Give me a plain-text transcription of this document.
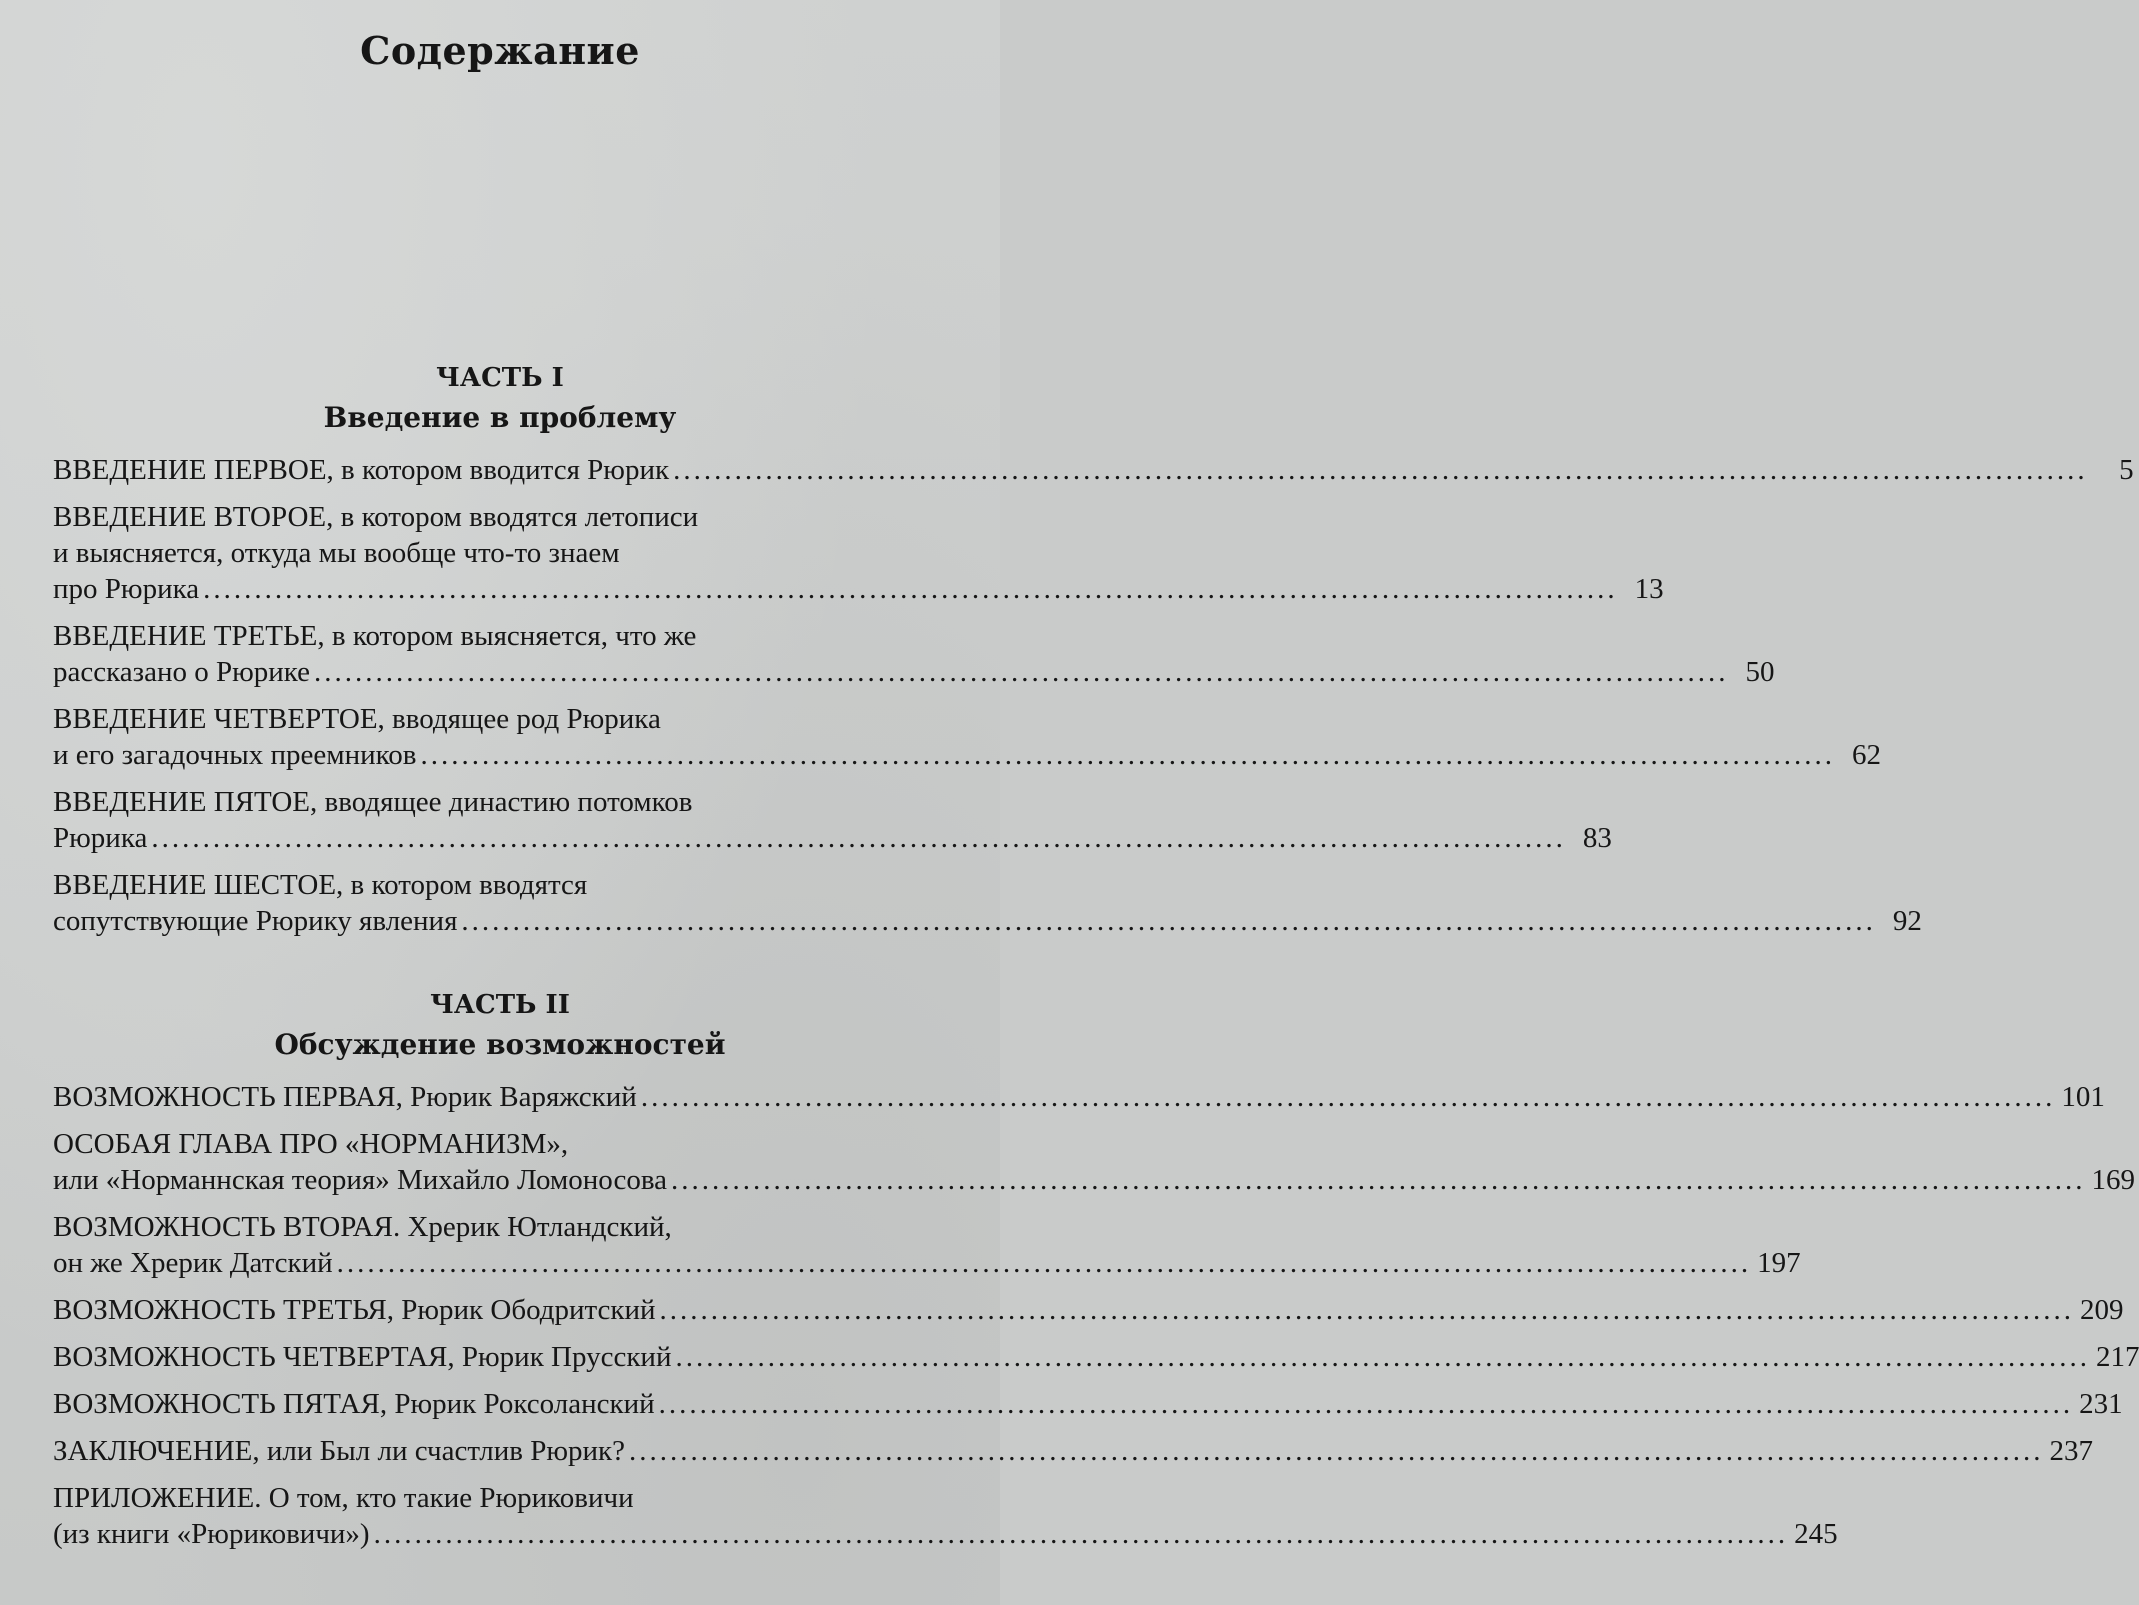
Содержание
ЧАСТЬ I
Введение в проблему
ВВЕДЕНИЕ ПЕРВОЕ, в котором вводится Рюрик ..........................................................................................................................................	5
ВВЕДЕНИЕ ВТОРОЕ, в котором вводятся летописи
и выясняется, откуда мы вообще что-то знаем
про Рюрика .......................................................................................................................................... 13
ВВЕДЕНИЕ ТРЕТЬЕ, в котором выясняется, что же
рассказано о Рюрике .......................................................................................................................................... 50
ВВЕДЕНИЕ ЧЕТВЕРТОЕ, вводящее род Рюрика
и его загадочных преемников .......................................................................................................................................... 62
ВВЕДЕНИЕ ПЯТОЕ, вводящее династию потомков
Рюрика .......................................................................................................................................... 83
ВВЕДЕНИЕ ШЕСТОЕ, в котором вводятся
сопутствующие Рюрику явления .......................................................................................................................................... 92
ЧАСТЬ II
Обсуждение возможностей
ВОЗМОЖНОСТЬ ПЕРВАЯ, Рюрик Варяжский .......................................................................................................................................... 101
ОСОБАЯ ГЛАВА ПРО «НОРМАНИЗМ»,
или «Норманнская теория» Михайло Ломоносова .......................................................................................................................................... 169
ВОЗМОЖНОСТЬ ВТОРАЯ. Хрерик Ютландский,
он же Хрерик Датский .......................................................................................................................................... 197
ВОЗМОЖНОСТЬ ТРЕТЬЯ, Рюрик Ободритский .......................................................................................................................................... 209
ВОЗМОЖНОСТЬ ЧЕТВЕРТАЯ, Рюрик Прусский .......................................................................................................................................... 217
ВОЗМОЖНОСТЬ ПЯТАЯ, Рюрик Роксоланский .......................................................................................................................................... 231
ЗАКЛЮЧЕНИЕ, или Был ли счастлив Рюрик? .......................................................................................................................................... 237
ПРИЛОЖЕНИЕ. О том, кто такие Рюриковичи
(из книги «Рюриковичи») .......................................................................................................................................... 245
